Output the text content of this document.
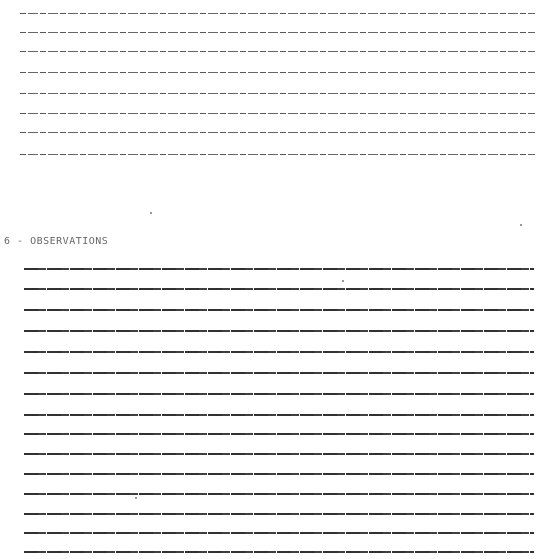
6 - OBSERVATIONS
